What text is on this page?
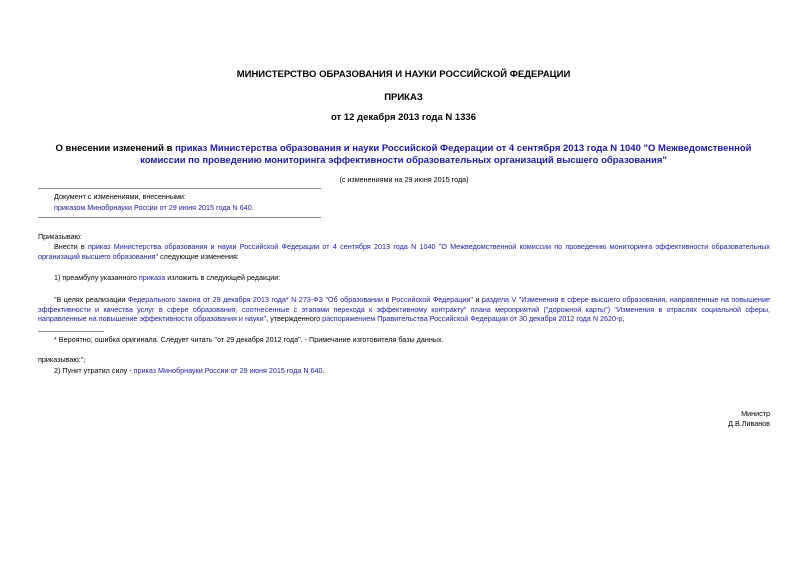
МИНИСТЕРСТВО ОБРАЗОВАНИЯ И НАУКИ РОССИЙСКОЙ ФЕДЕРАЦИИ
ПРИКАЗ
от 12 декабря 2013 года N 1336
О внесении изменений в приказ Министерства образования и науки Российской Федерации от 4 сентября 2013 года N 1040 "О Межведомственной комиссии по проведению мониторинга эффективности образовательных организаций высшего образования"
(с изменениями на 29 июня 2015 года)
Документ с изменениями, внесенными:
приказом Минобрнауки России от 29 июня 2015 года N 640.
Приказываю:
Внести в приказ Министерства образования и науки Российской Федерации от 4 сентября 2013 года N 1040 "О Межведомственной комиссии по проведению мониторинга эффективности образовательных организаций высшего образования" следующие изменения:
1) преамбулу указанного приказа изложить в следующей редакции:
"В целях реализации Федерального закона от 29 декабря 2013 года* N 273-ФЗ "Об образовании в Российской Федерации" и раздела V "Изменения в сфере высшего образования, направленные на повышение эффективности и качества услуг в сфере образования, соотнесенные с этапами перехода к эффективному контракту" плана мероприятий ("дорожной карты") "Изменения в отраслях социальной сферы, направленные на повышение эффективности образования и науки", утвержденного распоряжением Правительства Российской Федерации от 30 декабря 2012 года N 2620-р,
* Вероятно, ошибка оригинала. Следует читать "от 29 декабря 2012 года". - Примечание изготовителя базы данных.
приказываю:";
2) Пункт утратил силу - приказ Минобрнауки России от 29 июня 2015 года N 640.
Министр
Д.В.Ливанов
